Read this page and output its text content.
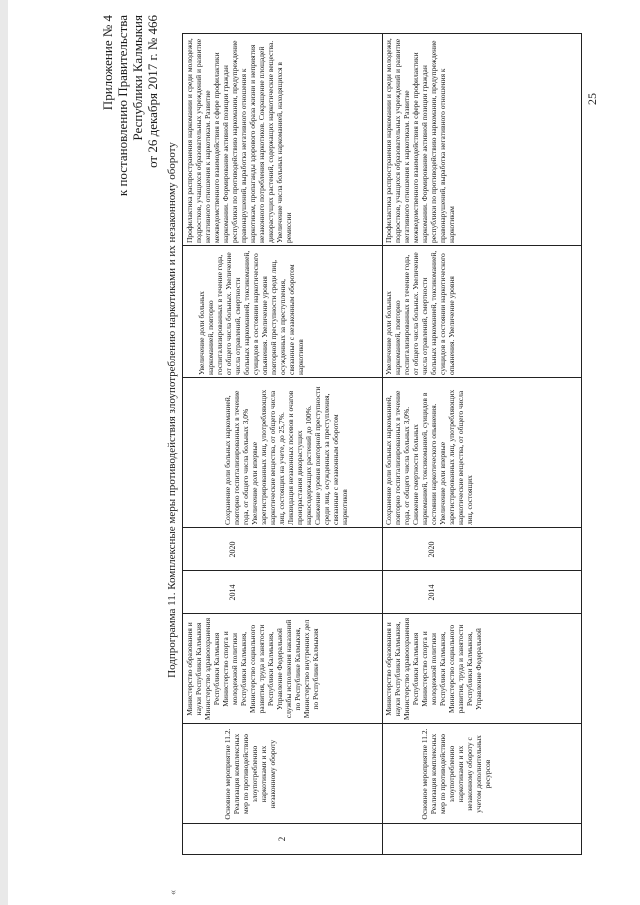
Приложение № 4 к постановлению Правительства Республики Калмыкия от 26 декабря 2017 г. № 466
Подпрограмма 11. Комплексные меры противодействия злоупотреблению наркотиками и их незаконному обороту
«
2
Основное мероприятие 11.2. Реализация комплексных мер по противодействию злоупотреблению наркотиками и их незаконному обороту
Министерство образования и науки Республики Калмыкия Министерство здравоохранения Республики Калмыкия Министерство спорта и молодежной политики Республики Калмыкия, Министерство социального развития, труда и занятости Республики Калмыкия, Управление Федеральной службы исполнения наказаний по Республике Калмыкия, Министерство внутренних дел по Республике Калмыкия
2014
2020
Сохранение доли больных наркоманией, повторно госпитализированных в течение года, от общего числа больных 3,0% Увеличение доли впервые зарегистрированных лиц, употребляющих наркотические вещества, от общего числа лиц, состоящих на учете, до 25,7%. Ликвидация незаконных посевов и очагов произрастания дикорастущих наркосодержащих растений до 100%. Снижение уровня повторной преступности среди лиц, осужденных за преступления, связанные с незаконным оборотом наркотиков
Увеличение доли больных наркоманией, повторно госпитализированных в течение года, от общего числа больных. Увеличение числа отравлений, смертности больных наркоманией, токсикоманией, суицидов в состоянии наркотического опьянения. Увеличение уровня повторной преступности среди лиц, осужденных за преступления, связанные с незаконным оборотом наркотиков
Профилактика распространения наркомании и среди молодежи, подростков, учащихся образовательных учреждений и развитие негативного отношения к наркотикам. Развитие межведомственного взаимодействия в сфере профилактики наркомании. Формирование активной позиции граждан республики по противодействию наркомании, предупреждение правонарушений, выработка негативного отношения к наркотикам, пропаганды здорового образа жизни и неприятия незаконного потребления наркотиков. Сокращение площадей дикорастущих растений, содержащих наркотические вещества. Увеличение числа больных наркоманией, находящихся в ремиссии
Основное мероприятие 11.2. Реализация комплексных мер по противодействию злоупотреблению наркотиками и их незаконному обороту с учетом дополнительных ресурсов
Министерство образования и науки Республики Калмыкия, Министерство здравоохранения Республики Калмыкия Министерство спорта и молодежной политики Республики Калмыкия, Министерство социального развития, труда и занятости Республики Калмыкия, Управление Федеральной
2014
2020
Сохранение доли больных наркоманией, повторно госпитализированных в течение года, от общего числа больных 3,0%. Снижение смертности больных наркоманией, токсикоманией, суицидов в состоянии наркотического опьянения. Увеличение доли впервые зарегистрированных лиц, употребляющих наркотические вещества, от общего числа лиц, состоящих
Увеличение доли больных наркоманией, повторно госпитализированных в течение года, от общего числа больных. Увеличение числа отравлений, смертности больных наркоманией, токсикоманией, суицидов в состоянии наркотического опьянения. Увеличение уровня
Профилактика распространения наркомании и среди молодежи, подростков, учащихся образовательных учреждений и развитие негативного отношения к наркотикам. Развитие межведомственного взаимодействия в сфере профилактики наркомании. Формирование активной позиции граждан республики по противодействию наркомании, предупреждение правонарушений, выработка негативного отношения к наркотикам
25
